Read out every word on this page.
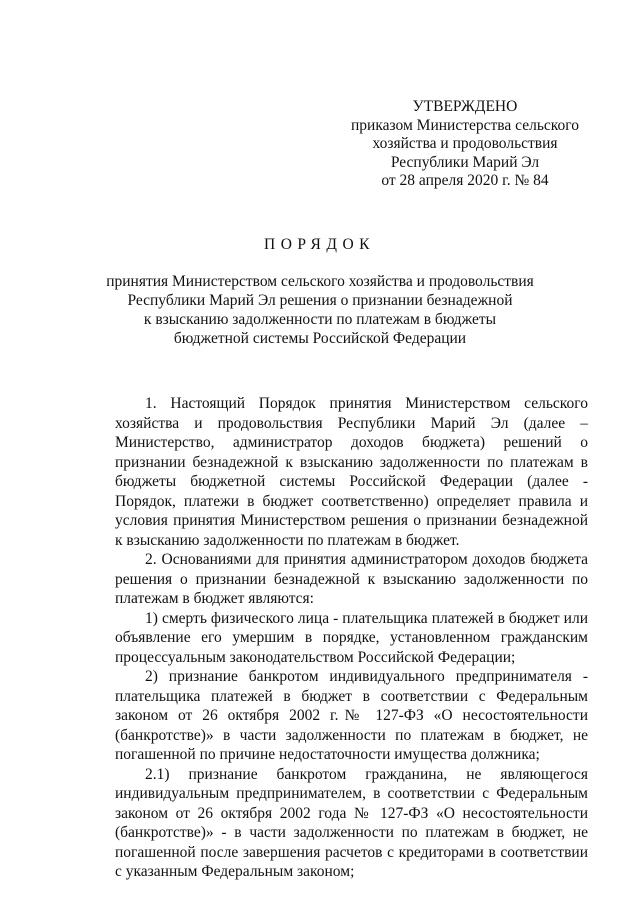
УТВЕРЖДЕНО
приказом Министерства сельского
хозяйства и продовольствия
Республики Марий Эл
от 28 апреля 2020 г. № 84
ПОРЯДОК
принятия Министерством сельского хозяйства и продовольствия
Республики Марий Эл решения о признании безнадежной
к взысканию задолженности по платежам в бюджеты
бюджетной системы Российской Федерации

1. Настоящий Порядок принятия Министерством сельского хозяйства и продовольствия Республики Марий Эл (далее – Министерство, администратор доходов бюджета) решений о признании безнадежной к взысканию задолженности по платежам в бюджеты бюджетной системы Российской Федерации (далее - Порядок, платежи в бюджет соответственно) определяет правила и условия принятия Министерством решения о признании безнадежной к взысканию задолженности по платежам в бюджет.

2. Основаниями для принятия администратором доходов бюджета решения о признании безнадежной к взысканию задолженности по платежам в бюджет являются:

1) смерть физического лица - плательщика платежей в бюджет или объявление его умершим в порядке, установленном гражданским процессуальным законодательством Российской Федерации;

2) признание банкротом индивидуального предпринимателя - плательщика платежей в бюджет в соответствии с Федеральным законом от 26 октября 2002 г.№ 127-ФЗ «О несостоятельности (банкротстве)» в части задолженности по платежам в бюджет, не погашенной по причине недостаточности имущества должника;

2.1) признание банкротом гражданина, не являющегося индивидуальным предпринимателем, в соответствии с Федеральным законом от 26 октября 2002 года № 127-ФЗ «О несостоятельности (банкротстве)» - в части задолженности по платежам в бюджет, не погашенной после завершения расчетов с кредиторами в соответствии с указанным Федеральным законом;
